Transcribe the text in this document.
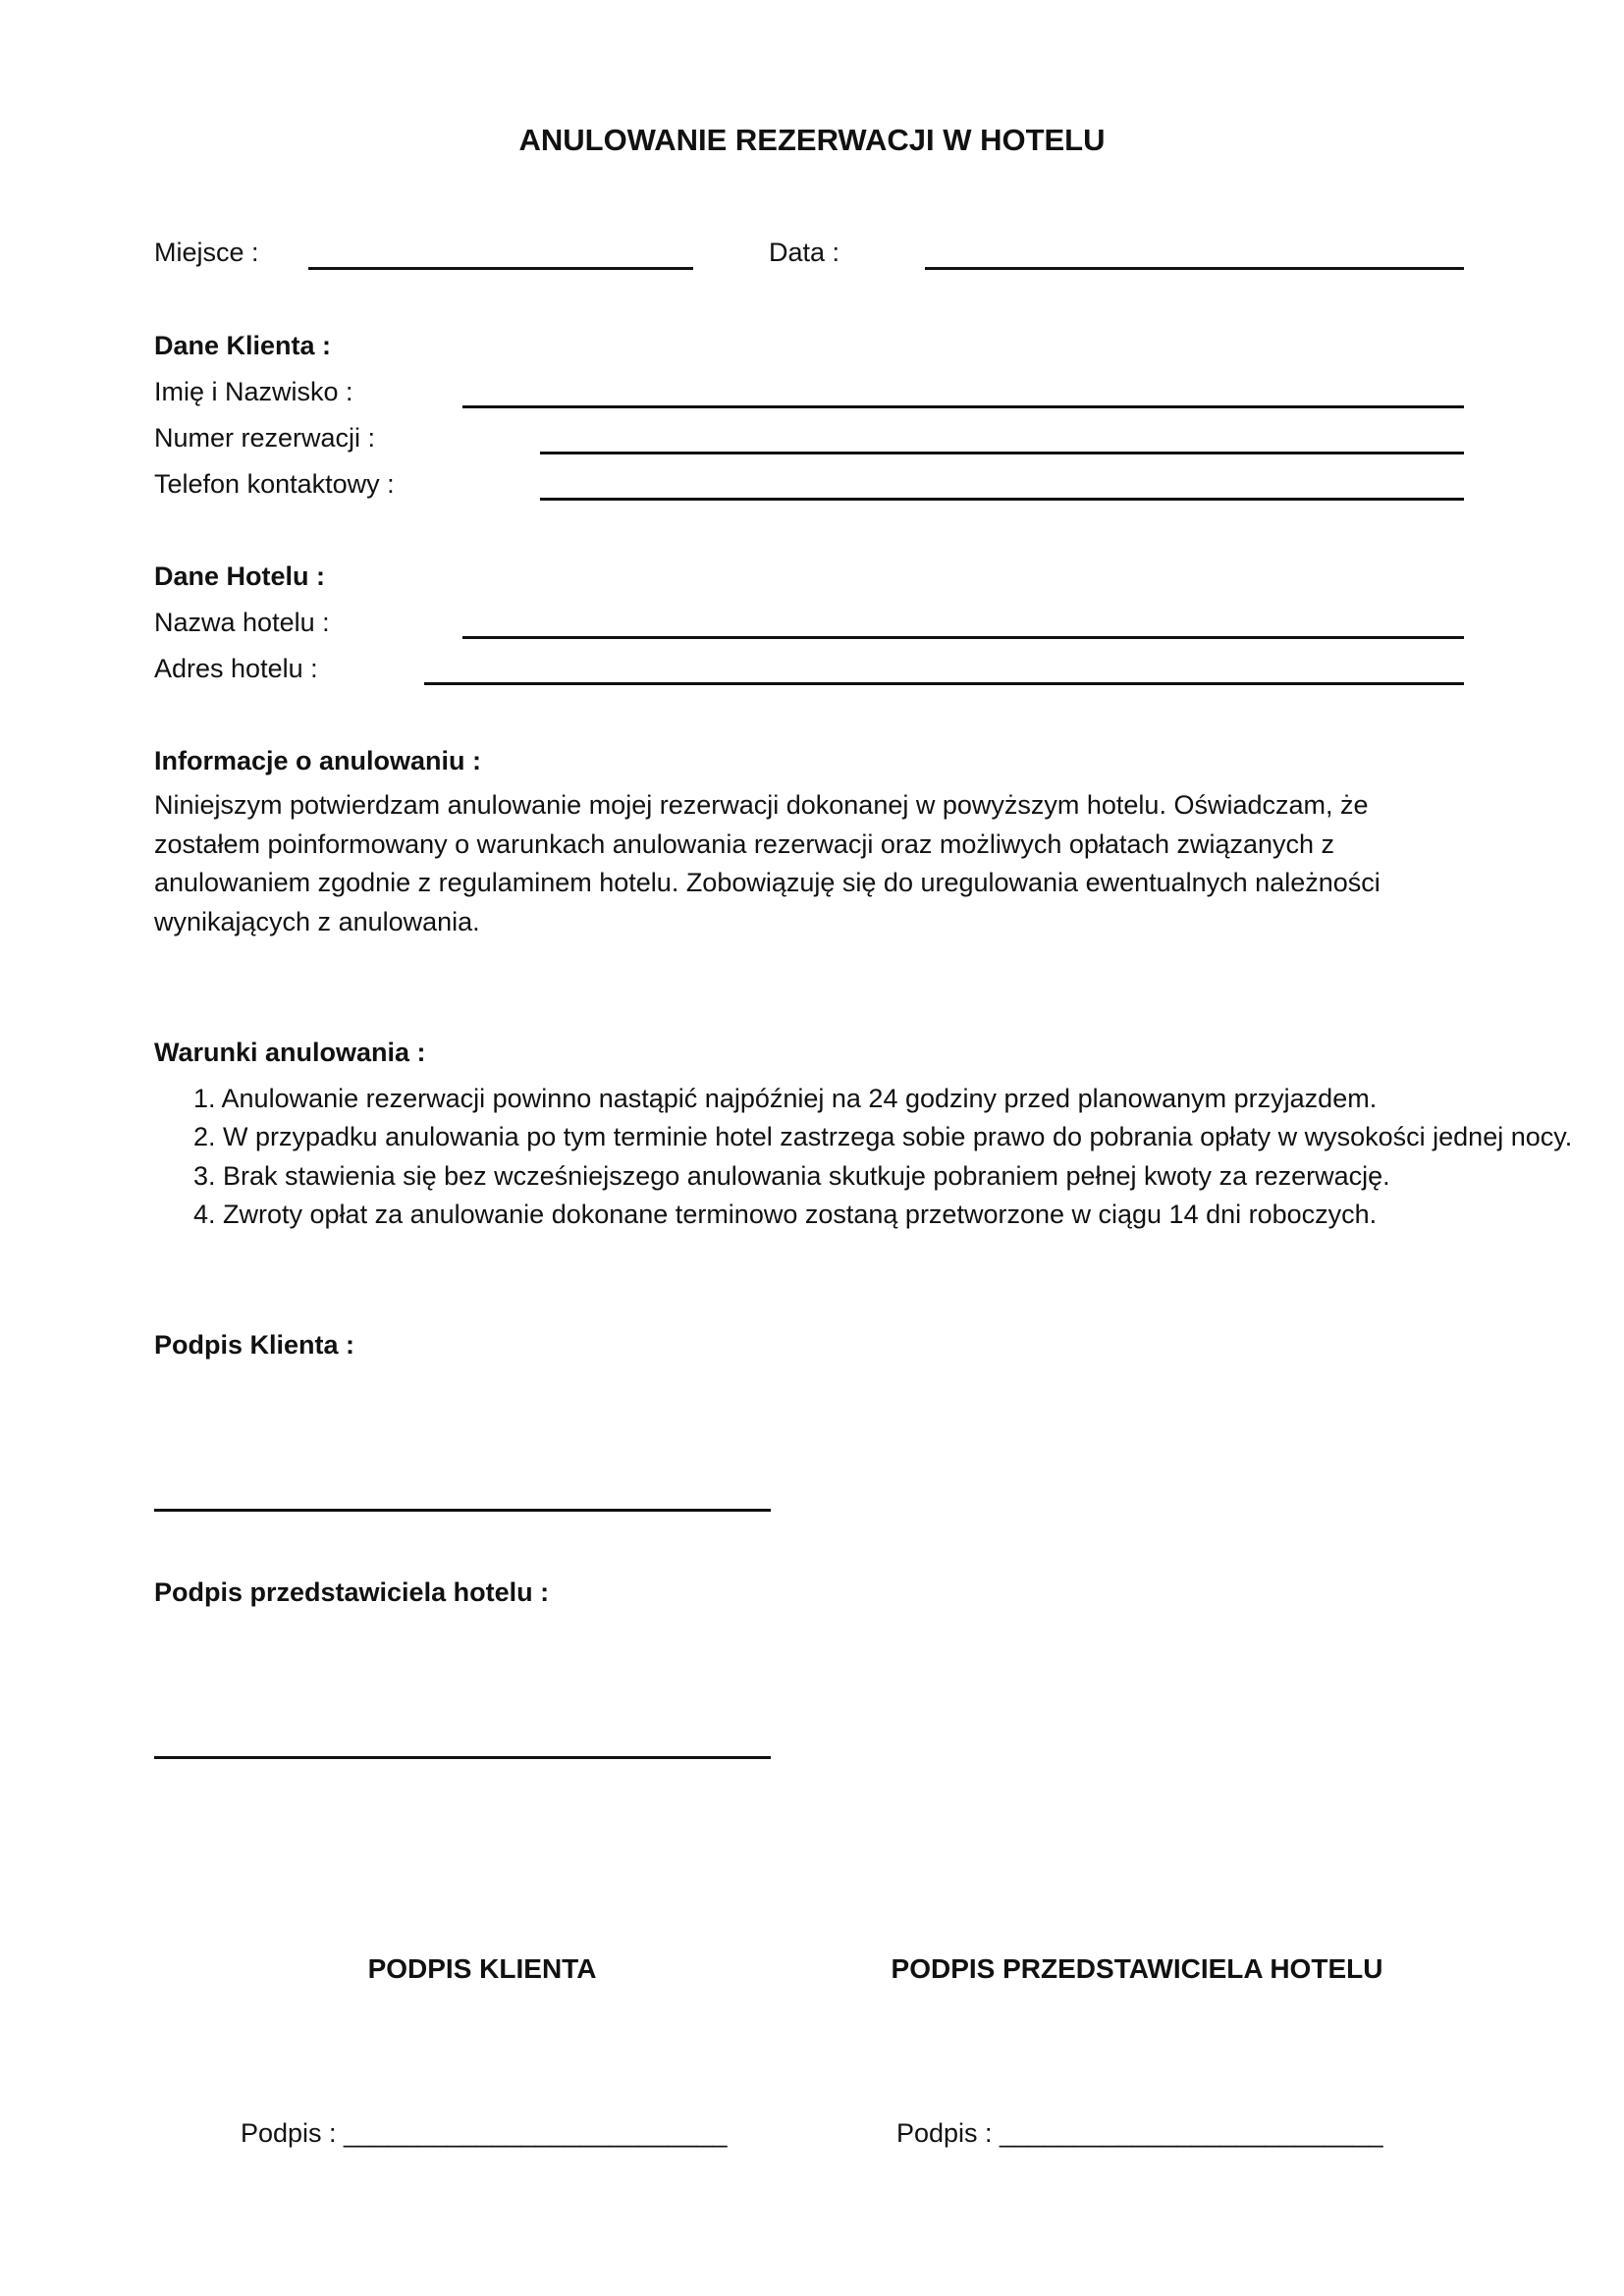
ANULOWANIE REZERWACJI W HOTELU
Miejsce :	Data :
Dane Klienta :
Imię i Nazwisko :
Numer rezerwacji :
Telefon kontaktowy :
Dane Hotelu :
Nazwa hotelu :
Adres hotelu :
Informacje o anulowaniu :
Niniejszym potwierdzam anulowanie mojej rezerwacji dokonanej w powyższym hotelu. Oświadczam, że
zostałem poinformowany o warunkach anulowania rezerwacji oraz możliwych opłatach związanych z
anulowaniem zgodnie z regulaminem hotelu. Zobowiązuję się do uregulowania ewentualnych należności
wynikających z anulowania.
Warunki anulowania :
1. Anulowanie rezerwacji powinno nastąpić najpóźniej na 24 godziny przed planowanym przyjazdem.
2. W przypadku anulowania po tym terminie hotel zastrzega sobie prawo do pobrania opłaty w wysokości jednej nocy.
3. Brak stawienia się bez wcześniejszego anulowania skutkuje pobraniem pełnej kwoty za rezerwację.
4. Zwroty opłat za anulowanie dokonane terminowo zostaną przetworzone w ciągu 14 dni roboczych.
Podpis Klienta :
Podpis przedstawiciela hotelu :
PODPIS KLIENTA	PODPIS PRZEDSTAWICIELA HOTELU
Podpis : __________________________	Podpis : __________________________
